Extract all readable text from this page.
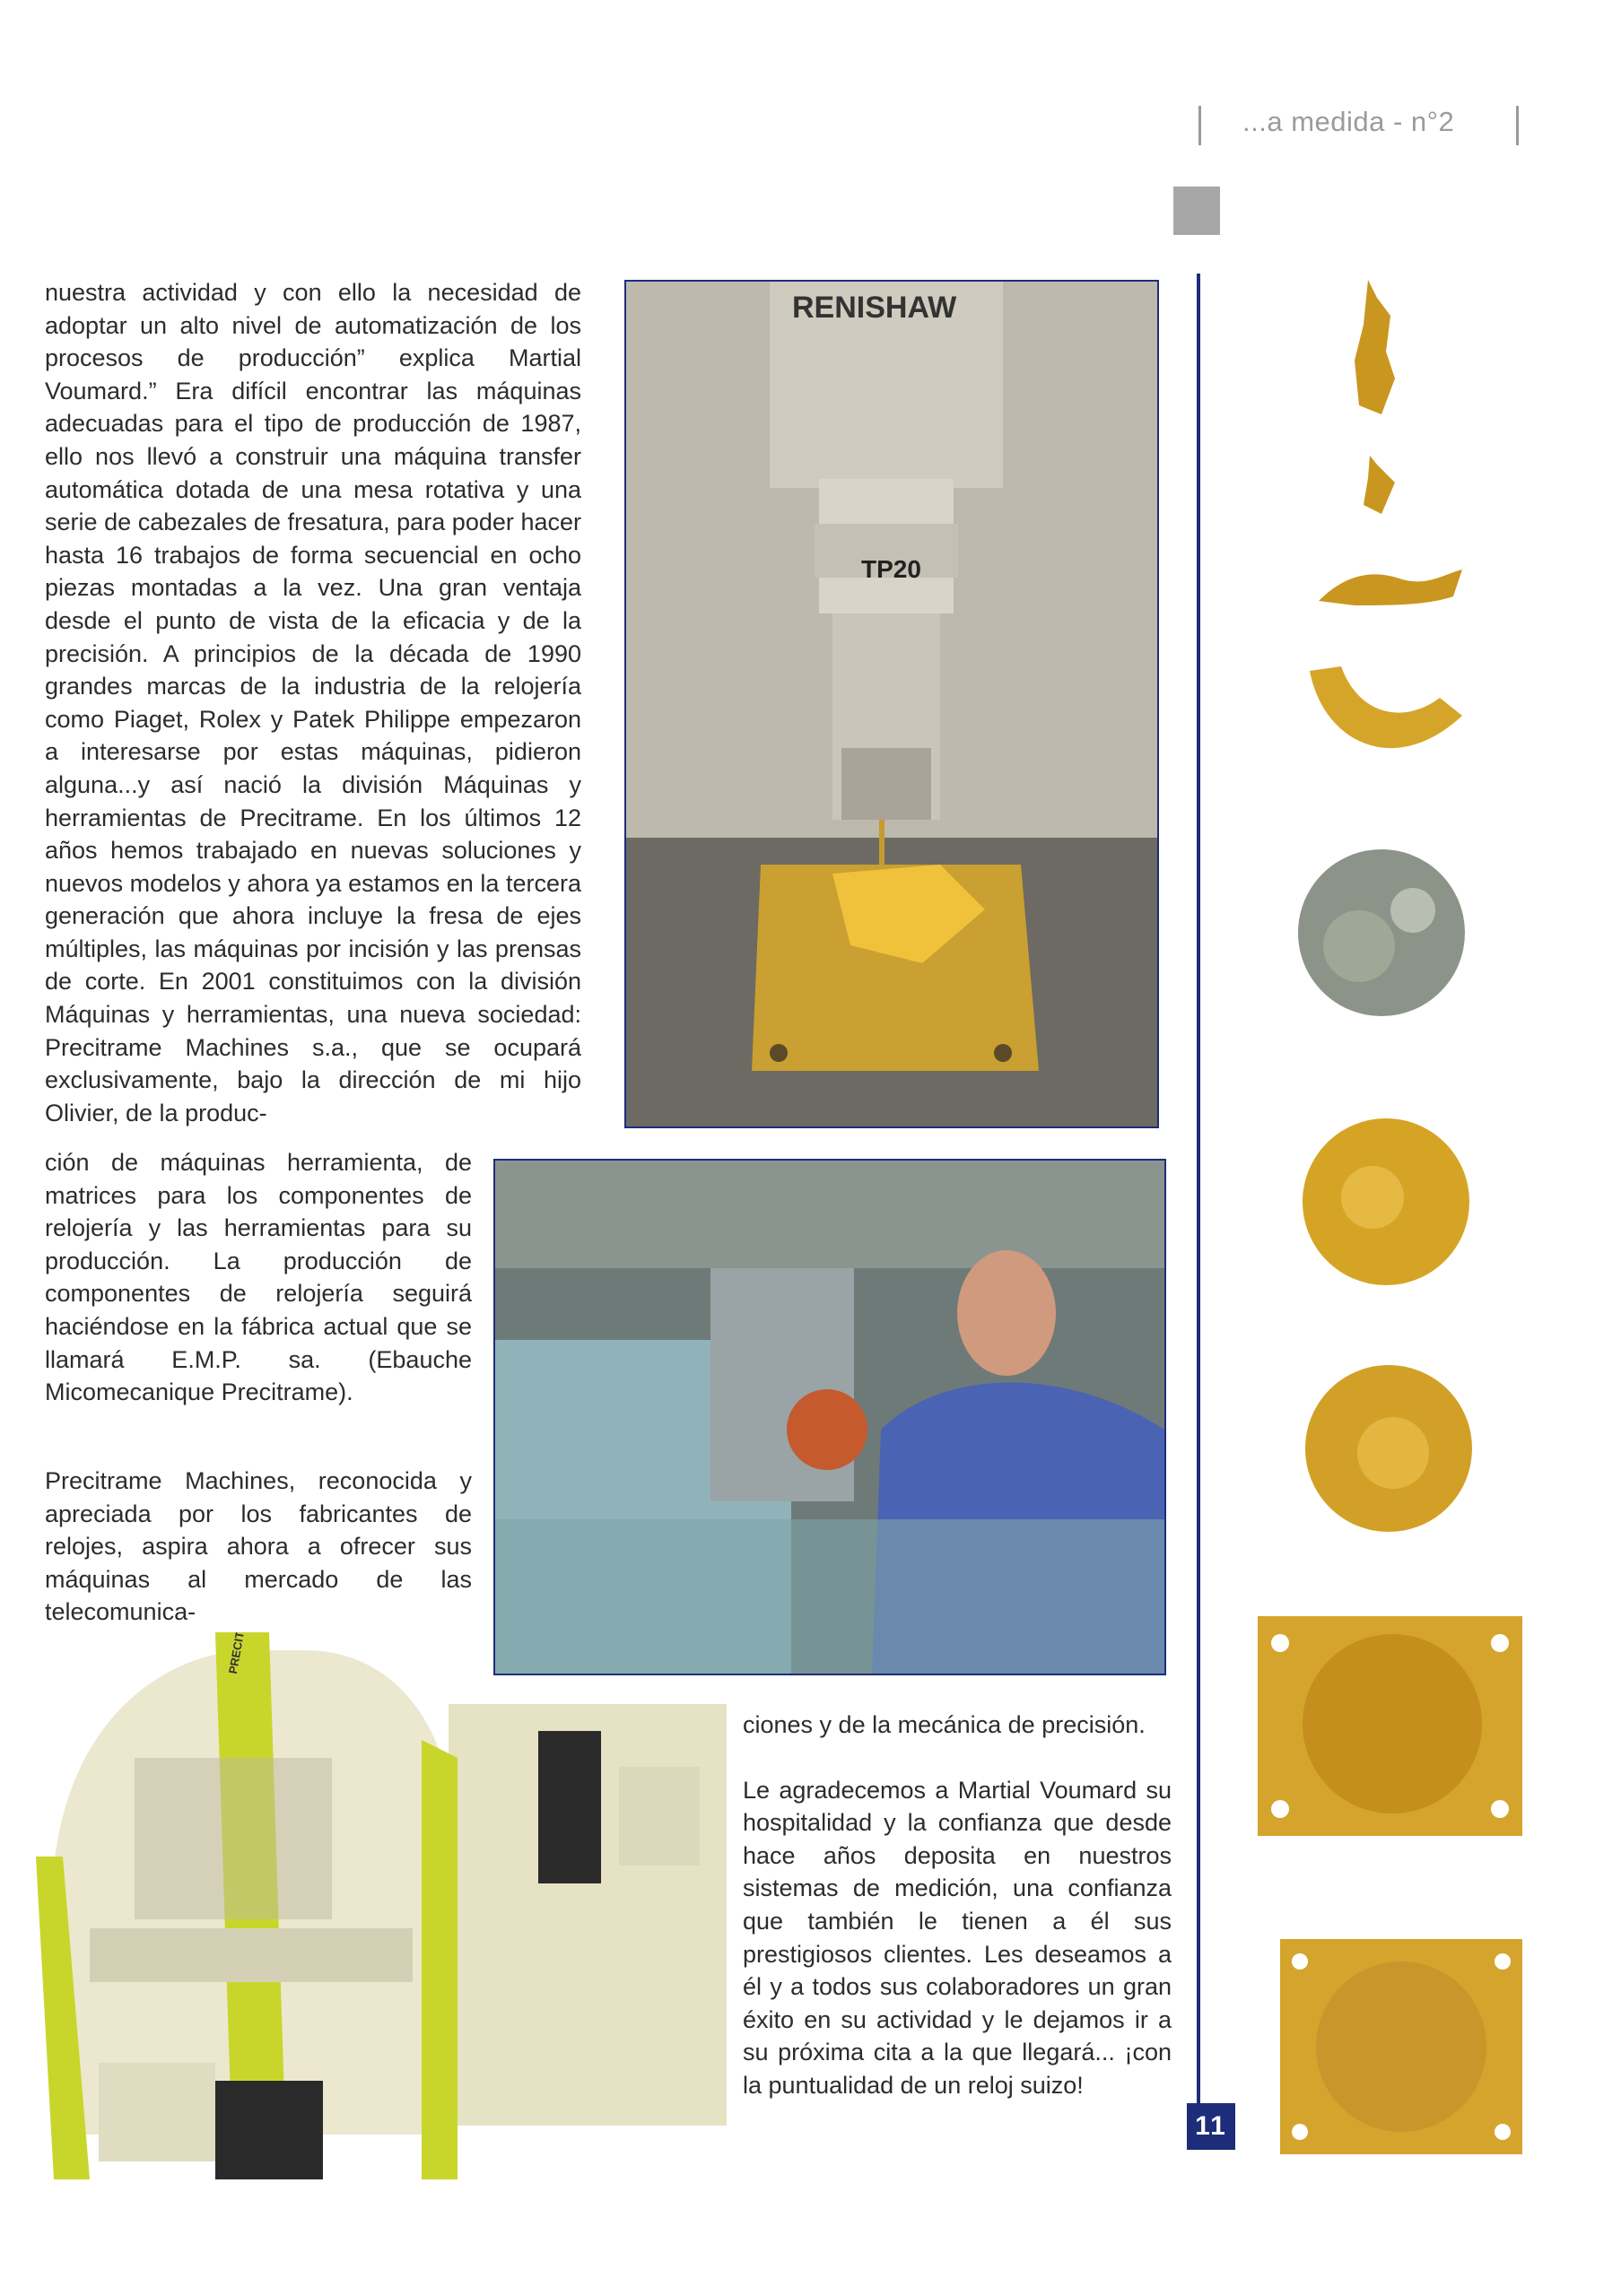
...a medida - n°2
nuestra actividad y con ello la necesidad de adoptar un alto nivel de automatización de los procesos de producción” explica Martial Voumard.” Era difícil encontrar las máquinas adecuadas para el tipo de producción de 1987, ello nos llevó a construir una máquina transfer automática dotada de una mesa rotativa y una serie de cabezales de fresatura, para poder hacer hasta 16 trabajos de forma secuencial en ocho piezas montadas a la vez. Una gran ventaja desde el punto de vista de la eficacia y de la precisión. A principios de la década de 1990 grandes marcas de la industria de la relojería como Piaget, Rolex y Patek Philippe empezaron a interesarse por estas máquinas, pidieron alguna...y así nació la división Máquinas y herramientas de Precitrame. En los últimos 12 años hemos trabajado en nuevas soluciones y nuevos modelos y ahora ya estamos en la tercera generación que ahora incluye la fresa de ejes múltiples, las máquinas por incisión y las prensas de corte. En 2001 constituimos con la división Máquinas y herramientas, una nueva sociedad: Precitrame Machines s.a., que se ocupará exclusivamente, bajo la dirección de mi hijo Olivier, de la produc-
ción de máquinas herramienta, de matrices para los componentes de relojería y las herramientas para su producción. La producción de componentes de relojería seguirá haciéndose en la fábrica actual que se llamará E.M.P. sa. (Ebauche Micomecanique Precitrame).
Precitrame Machines, reconocida y apreciada por los fabricantes de relojes, aspira ahora a ofrecer sus máquinas al mercado de las telecomunica-
ciones y de la mecánica de precisión.
Le agradecemos a Martial Voumard su hospitalidad y la confianza que desde hace años deposita en nuestros sistemas de medición, una confianza que también le tienen a él sus prestigiosos clientes. Les deseamos a él y a todos sus colaboradores un gran éxito en su actividad y le dejamos ir a su próxima cita a la que llegará... ¡con la puntualidad de un reloj suizo!
RENISHAW
TP20
PRECITRAME
11
